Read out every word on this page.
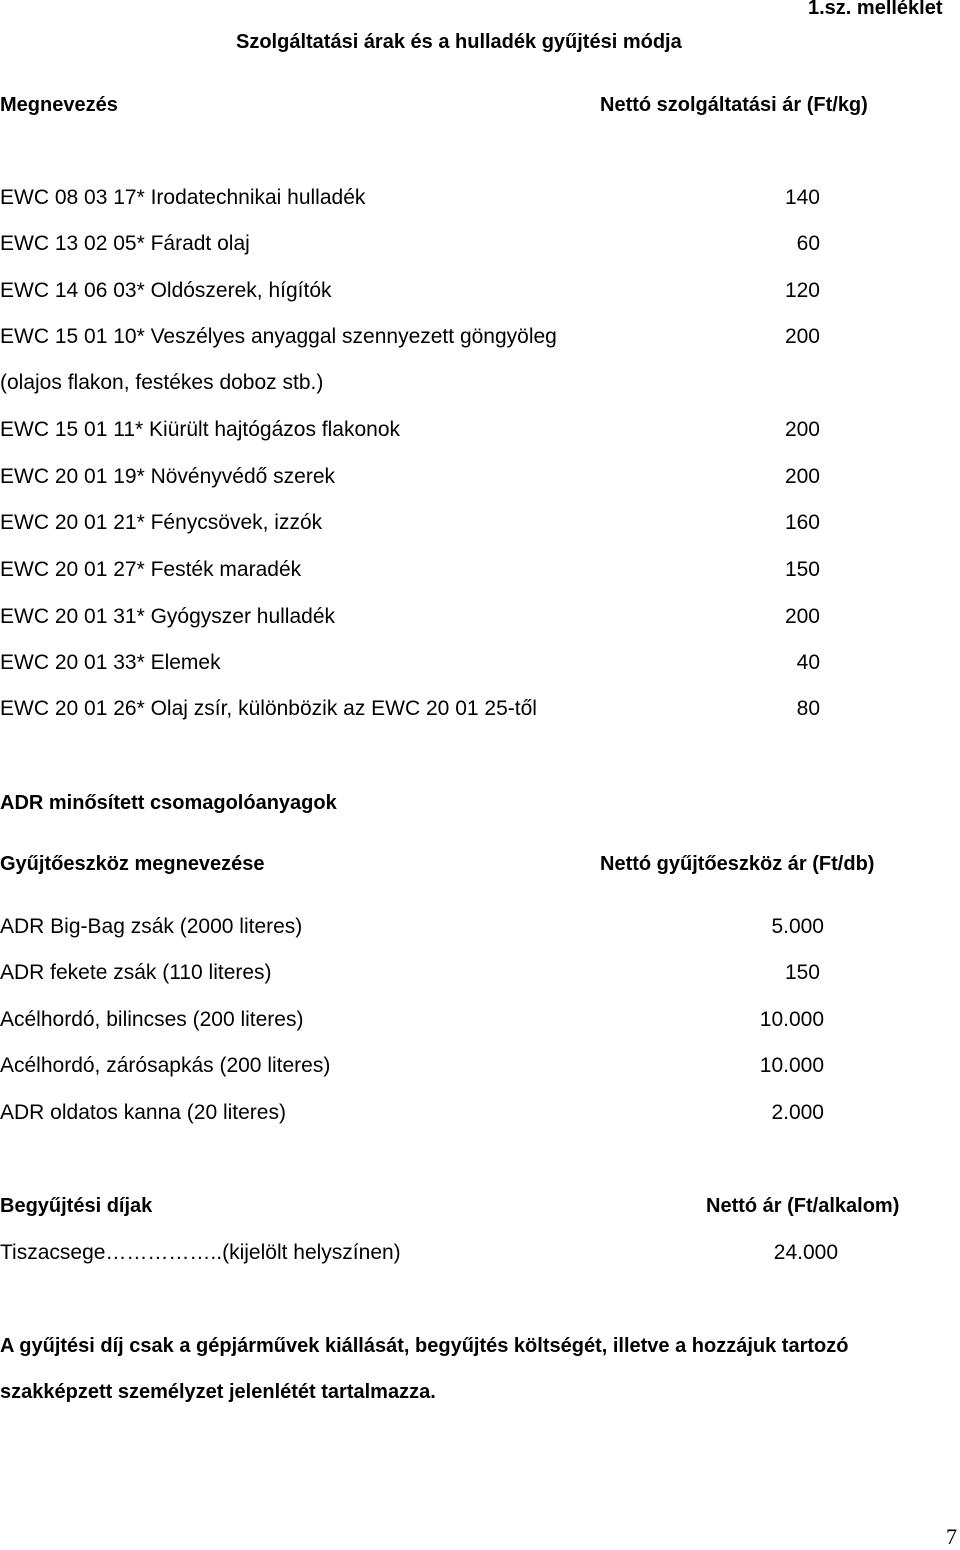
1.sz. melléklet
Szolgáltatási árak és a hulladék gyűjtési módja
Megnevezés	Nettó szolgáltatási ár (Ft/kg)
EWC 08 03 17* Irodatechnikai hulladék	140
EWC 13 02 05* Fáradt olaj	60
EWC 14 06 03* Oldószerek, hígítók	120
EWC 15 01 10* Veszélyes anyaggal szennyezett göngyöleg	200
(olajos flakon, festékes doboz stb.)
EWC 15 01 11* Kiürült hajtógázos flakonok	200
EWC 20 01 19* Növényvédő szerek	200
EWC 20 01 21* Fénycsövek, izzók	160
EWC 20 01 27* Festék maradék	150
EWC 20 01 31* Gyógyszer hulladék	200
EWC 20 01 33* Elemek	40
EWC 20 01 26* Olaj zsír, különbözik az EWC 20 01 25-től	80
ADR minősített csomagolóanyagok
Gyűjtőeszköz megnevezése	Nettó gyűjtőeszköz ár (Ft/db)
ADR Big-Bag zsák (2000 literes)	5.000
ADR fekete zsák (110 literes)	150
Acélhordó, bilincses (200 literes)	10.000
Acélhordó, zárósapkás (200 literes)	10.000
ADR oldatos kanna (20 literes)	2.000
Begyűjtési díjak	Nettó ár (Ft/alkalom)
Tiszacsege……………..(kijelölt helyszínen)	24.000
A gyűjtési díj csak a gépjárművek kiállását, begyűjtés költségét, illetve a hozzájuk tartozó
szakképzett személyzet jelenlétét tartalmazza.
7
